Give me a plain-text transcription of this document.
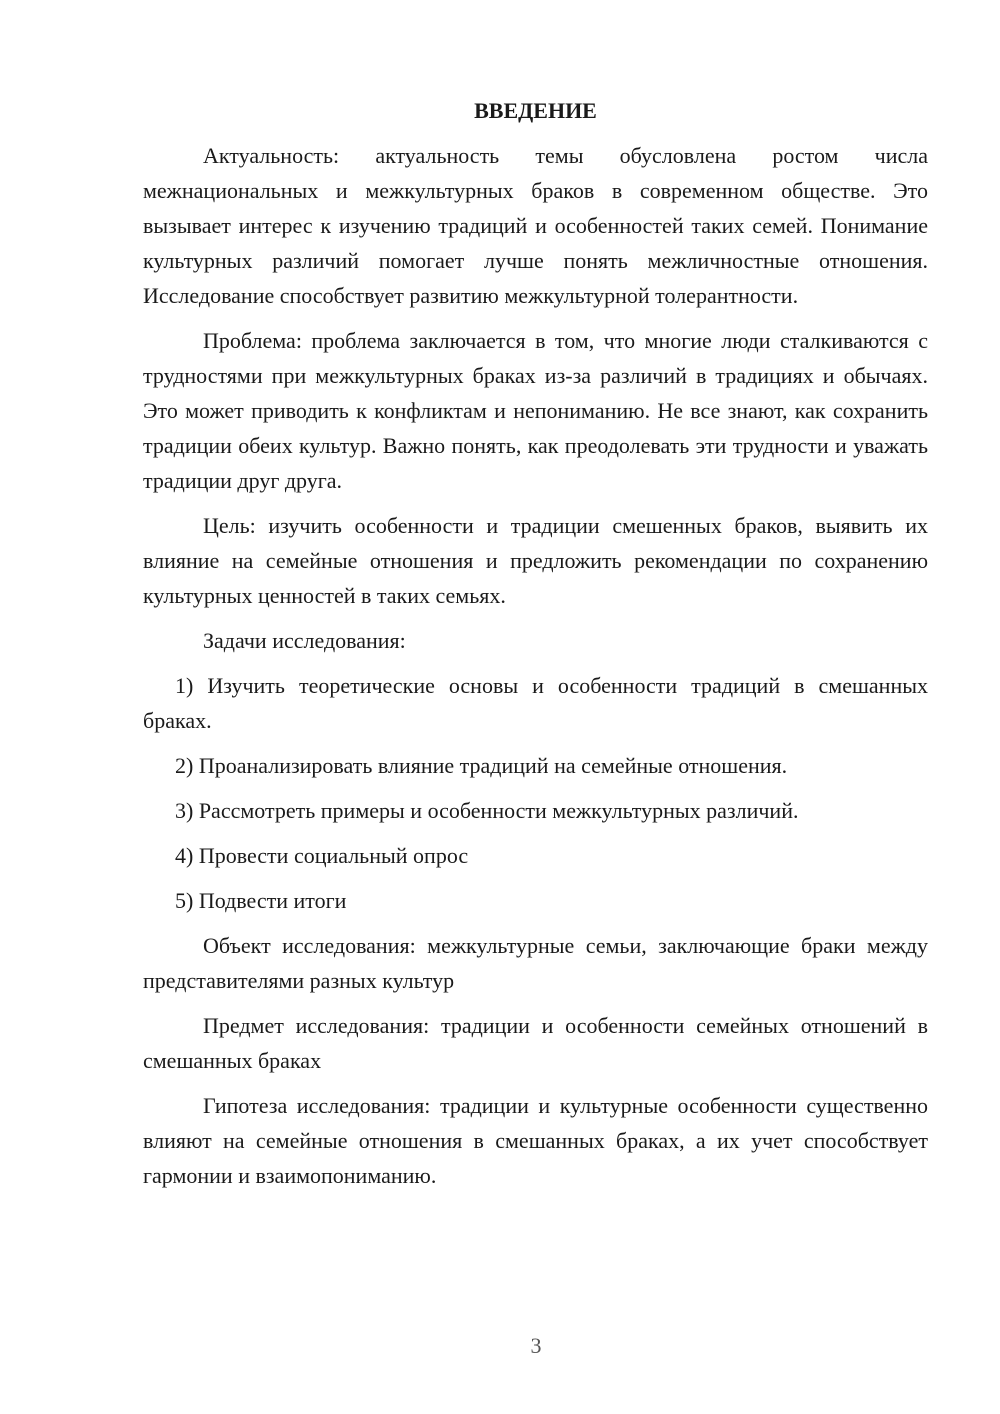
ВВЕДЕНИЕ

Актуальность: актуальность темы обусловлена ростом числа межнациональных и межкультурных браков в современном обществе. Это вызывает интерес к изучению традиций и особенностей таких семей. Понимание культурных различий помогает лучше понять межличностные отношения. Исследование способствует развитию межкультурной толерантности.

Проблема: проблема заключается в том, что многие люди сталкиваются с трудностями при межкультурных браках из-за различий в традициях и обычаях. Это может приводить к конфликтам и непониманию. Не все знают, как сохранить традиции обеих культур. Важно понять, как преодолевать эти трудности и уважать традиции друг друга.

Цель: изучить особенности и традиции смешенных браков, выявить их влияние на семейные отношения и предложить рекомендации по сохранению культурных ценностей в таких семьях.

Задачи исследования:

1) Изучить теоретические основы и особенности традиций в смешанных браках.

2) Проанализировать влияние традиций на семейные отношения.

3) Рассмотреть примеры и особенности межкультурных различий.

4) Провести социальный опрос

5) Подвести итоги

Объект исследования: межкультурные семьи, заключающие браки между представителями разных культур

Предмет исследования: традиции и особенности семейных отношений в смешанных браках

Гипотеза исследования: традиции и культурные особенности существенно влияют на семейные отношения в смешанных браках, а их учет способствует гармонии и взаимопониманию.

3
